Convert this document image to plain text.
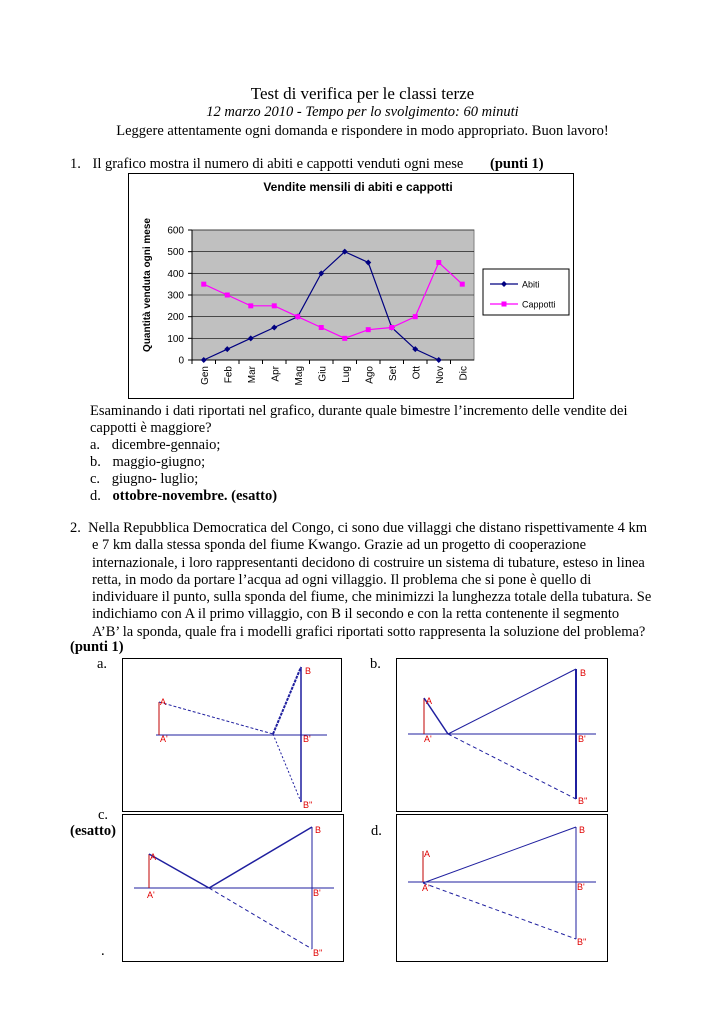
Test di verifica per le classi terze
12 marzo 2010 - Tempo per lo svolgimento: 60 minuti
Leggere attentamente ogni domanda e rispondere in modo appropriato. Buon lavoro!
1. Il grafico mostra il numero di abiti e cappotti venduti ogni mese (punti 1)
Vendite mensili di abiti e cappotti
0
100
200
300
400
500
600
Gen Feb Mar Apr Mag Giu Lug Ago Set Ott Nov Dic
Quantità venduta ogni mese	Abiti
Cappotti
Esaminando i dati riportati nel grafico, durante quale bimestre l’incremento delle vendite dei
cappotti è maggiore?
a. dicembre-gennaio;
b. maggio-giugno;
c. giugno- luglio;
d. ottobre-novembre. (esatto)
2. Nella Repubblica Democratica del Congo, ci sono due villaggi che distano rispettivamente 4 km
e 7 km dalla stessa sponda del fiume Kwango. Grazie ad un progetto di cooperazione
internazionale, i loro rappresentanti decidono di costruire un sistema di tubature, esteso in linea
retta, in modo da portare l’acqua ad ogni villaggio. Il problema che si pone è quello di
individuare il punto, sulla sponda del fiume, che minimizzi la lunghezza totale della tubatura. Se
indichiamo con A il primo villaggio, con B il secondo e con la retta contenente il segmento
A’B’ la sponda, quale fra i modelli grafici riportati sotto rappresenta la soluzione del problema?
(punti 1)
a.	b.
c.
(esatto)	d.
.
A
A'
B
B'
B''
A
A'
B
B'
B''
A
A'
B
B'
B''
A
A'
B
B'
B''
